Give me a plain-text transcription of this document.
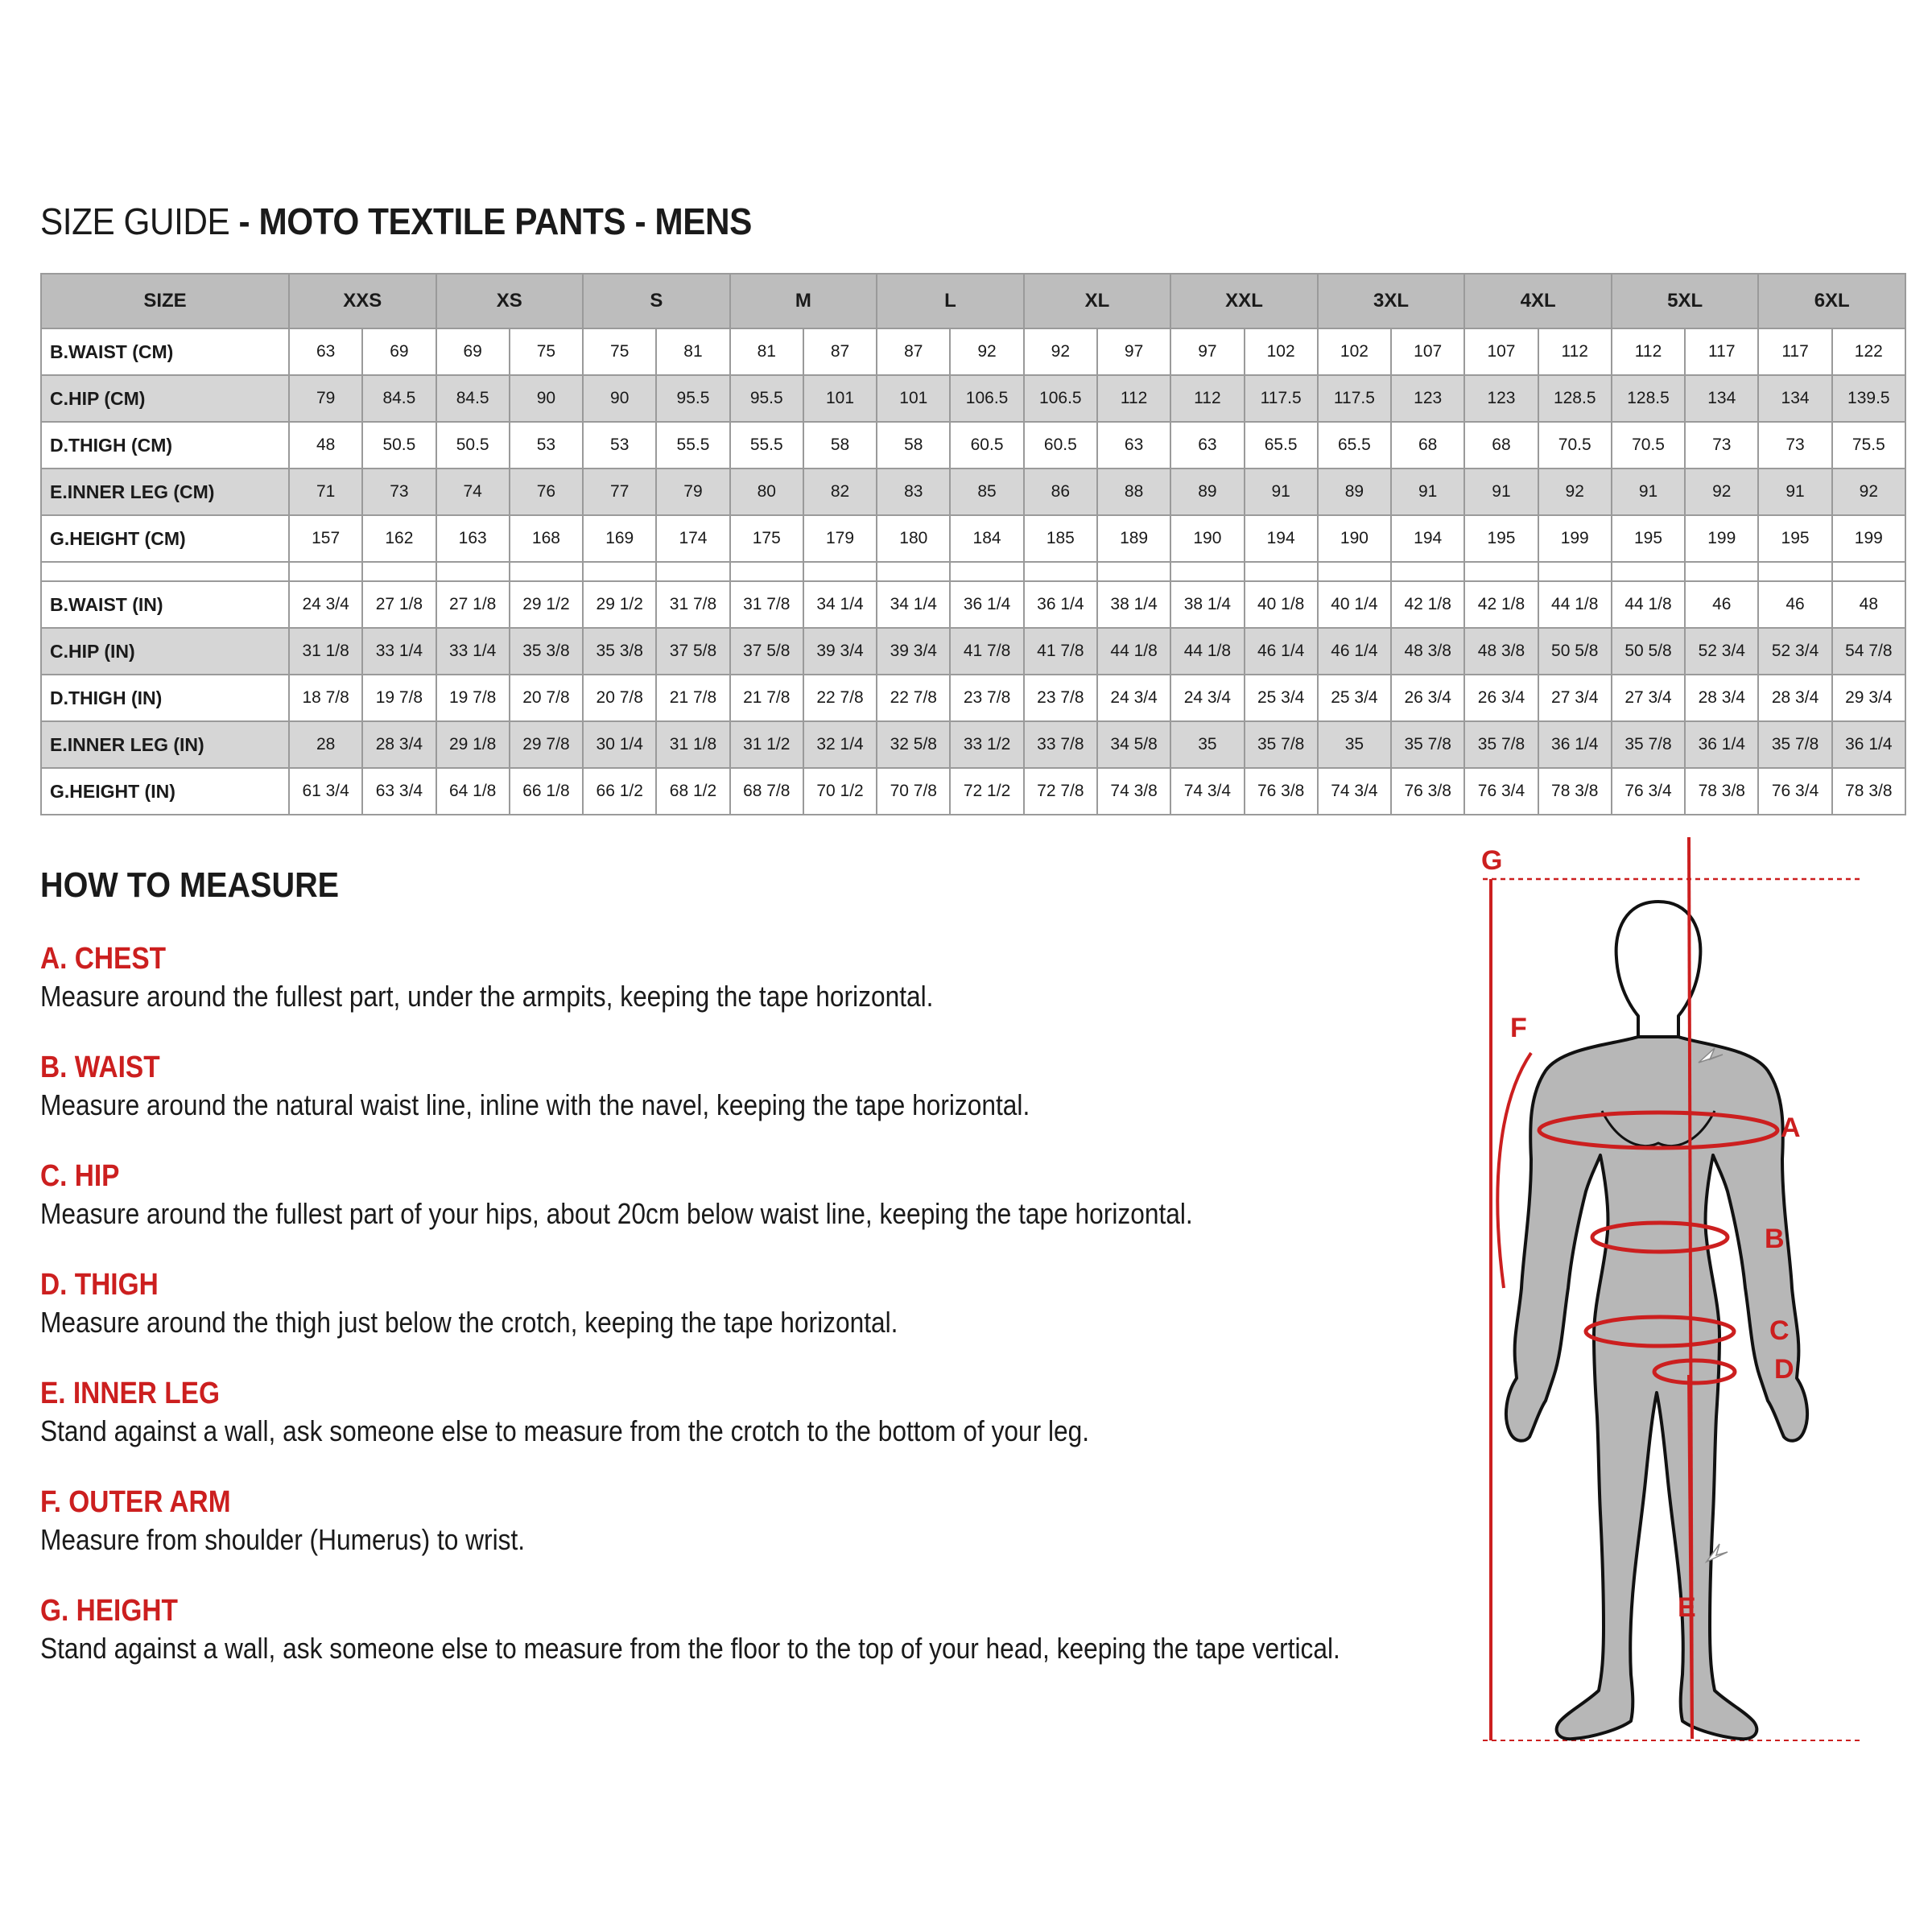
SIZE GUIDE - MOTO TEXTILE PANTS - MENS
SIZE	XXS		XS		S		M		L		XL		XXL		3XL		4XL		5XL		6XL	
B.WAIST (CM)	63	69	69	75	75	81	81	87	87	92	92	97	97	102	102	107	107	112	112	117	117	122
C.HIP (CM)	79	84.5	84.5	90	90	95.5	95.5	101	101	106.5	106.5	112	112	117.5	117.5	123	123	128.5	128.5	134	134	139.5
D.THIGH (CM)	48	50.5	50.5	53	53	55.5	55.5	58	58	60.5	60.5	63	63	65.5	65.5	68	68	70.5	70.5	73	73	75.5
E.INNER LEG (CM)	71	73	74	76	77	79	80	82	83	85	86	88	89	91	89	91	91	92	91	92	91	92
G.HEIGHT (CM)	157	162	163	168	169	174	175	179	180	184	185	189	190	194	190	194	195	199	195	199	195	199

B.WAIST (IN)	24 3/4	27 1/8	27 1/8	29 1/2	29 1/2	31 7/8	31 7/8	34 1/4	34 1/4	36 1/4	36 1/4	38 1/4	38 1/4	40 1/8	40 1/4	42 1/8	42 1/8	44 1/8	44 1/8	46	46	48
C.HIP (IN)	31 1/8	33 1/4	33 1/4	35 3/8	35 3/8	37 5/8	37 5/8	39 3/4	39 3/4	41 7/8	41 7/8	44 1/8	44 1/8	46 1/4	46 1/4	48 3/8	48 3/8	50 5/8	50 5/8	52 3/4	52 3/4	54 7/8
D.THIGH (IN)	18 7/8	19 7/8	19 7/8	20 7/8	20 7/8	21 7/8	21 7/8	22 7/8	22 7/8	23 7/8	23 7/8	24 3/4	24 3/4	25 3/4	25 3/4	26 3/4	26 3/4	27 3/4	27 3/4	28 3/4	28 3/4	29 3/4
E.INNER LEG (IN)	28	28 3/4	29 1/8	29 7/8	30 1/4	31 1/8	31 1/2	32 1/4	32 5/8	33 1/2	33 7/8	34 5/8	35	35 7/8	35	35 7/8	35 7/8	36 1/4	35 7/8	36 1/4	35 7/8	36 1/4
G.HEIGHT (IN)	61 3/4	63 3/4	64 1/8	66 1/8	66 1/2	68 1/2	68 7/8	70 1/2	70 7/8	72 1/2	72 7/8	74 3/8	74 3/4	76 3/8	74 3/4	76 3/8	76 3/4	78 3/8	76 3/4	78 3/8	76 3/4	78 3/8
HOW TO MEASURE
A. CHEST
Measure around the fullest part, under the armpits, keeping the tape horizontal.
B. WAIST
Measure around the natural waist line, inline with the navel, keeping the tape horizontal.
C. HIP
Measure around the fullest part of your hips, about 20cm below waist line, keeping the tape horizontal.
D. THIGH
Measure around the thigh just below the crotch, keeping the tape horizontal.
E. INNER LEG
Stand against a wall, ask someone else to measure from the crotch to the bottom of your leg.
F. OUTER ARM
Measure from shoulder (Humerus) to wrist.
G. HEIGHT
Stand against a wall, ask someone else to measure from the floor to the top of your head, keeping the tape vertical.
G
F
A
B
C
D
E
